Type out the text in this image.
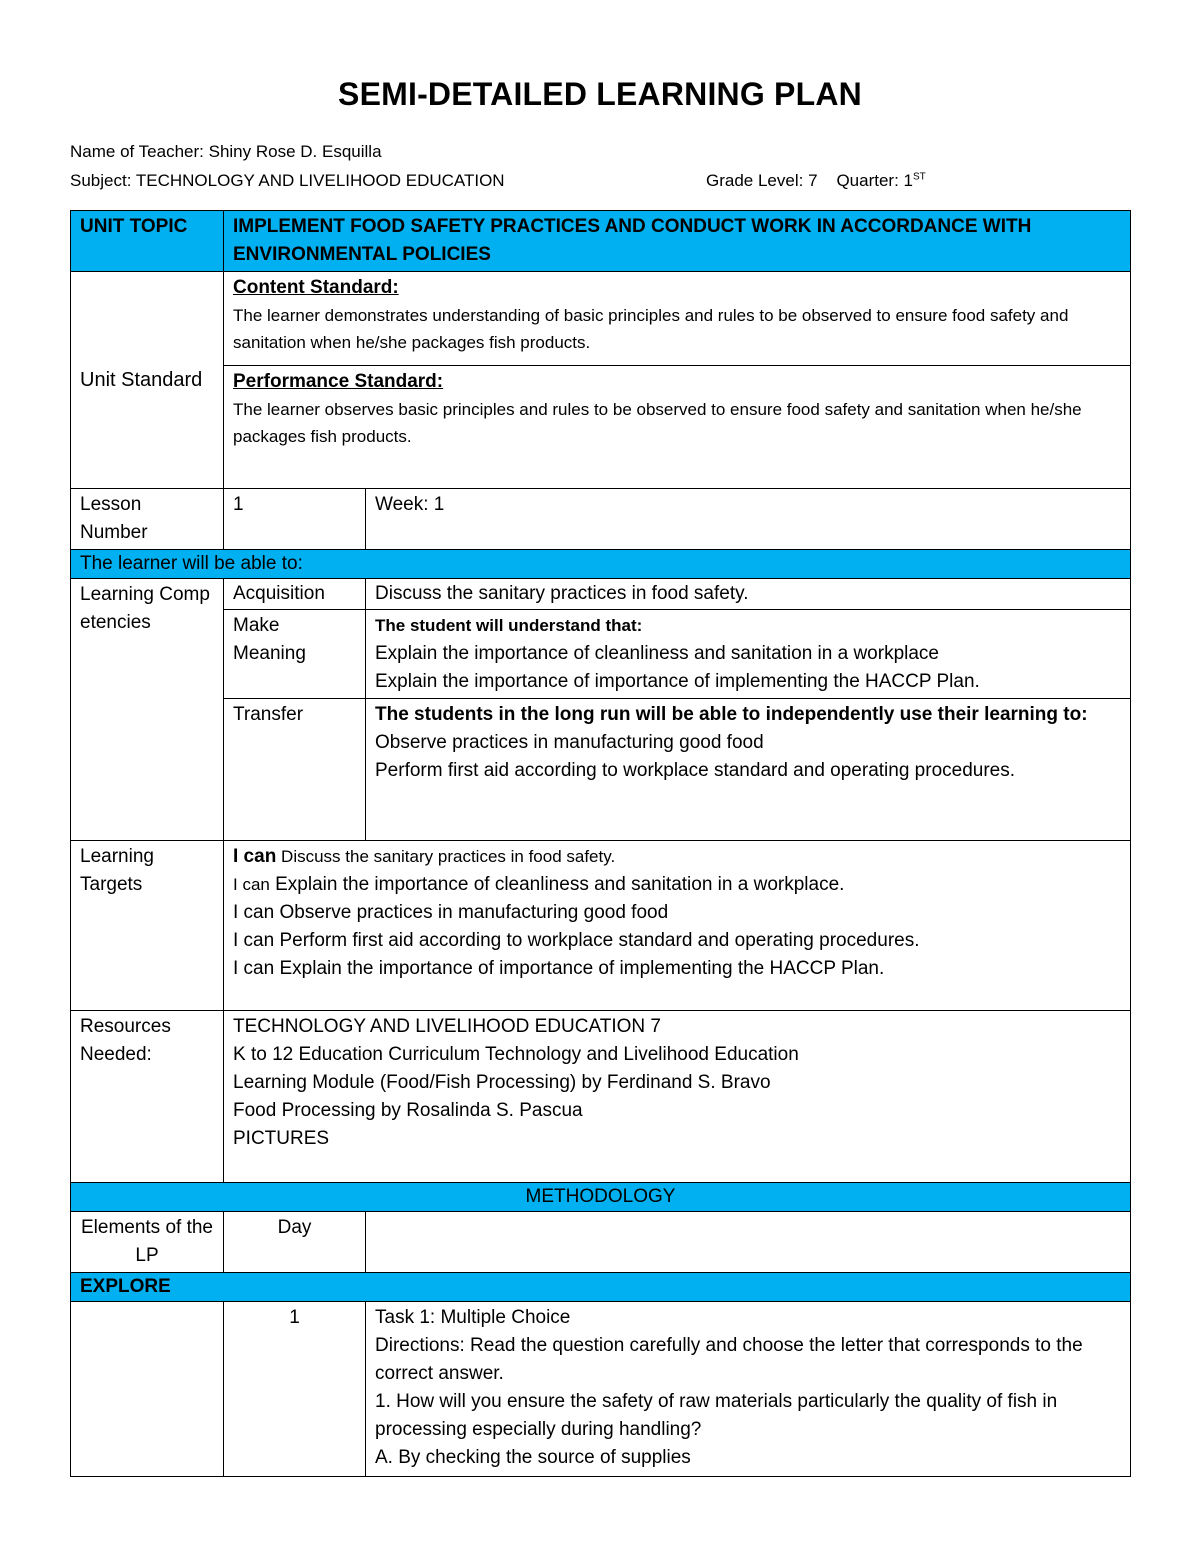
SEMI-DETAILED LEARNING PLAN
Name of Teacher: Shiny Rose D. Esquilla
Subject: TECHNOLOGY AND LIVELIHOOD EDUCATION	Grade Level: 7 Quarter: 1ST
UNIT TOPIC	IMPLEMENT FOOD SAFETY PRACTICES AND CONDUCT WORK IN ACCORDANCE WITH ENVIRONMENTAL POLICIES	
Unit Standard	Content Standard:
The learner demonstrates understanding of basic principles and rules to be observed to ensure food safety and sanitation when he/she packages fish products.	

	Performance Standard:
The learner observes basic principles and rules to be observed to ensure food safety and sanitation when he/she packages fish products.	

Lesson Number	1	Week: 1
The learner will be able to:		
Learning Competencies	Acquisition	Discuss the sanitary practices in food safety.
	Make Meaning	The student will understand that:
Explain the importance of cleanliness and sanitation in a workplace
Explain the importance of importance of implementing the HACCP Plan.

	Transfer	The students in the long run will be able to independently use their learning to:
Observe practices in manufacturing good food
Perform first aid according to workplace standard and operating procedures.

Learning Targets	I can Discuss the sanitary practices in food safety.
I can Explain the importance of cleanliness and sanitation in a workplace.
I can Observe practices in manufacturing good food
I can Perform first aid according to workplace standard and operating procedures.
I can Explain the importance of importance of implementing the HACCP Plan.	

Resources Needed:	TECHNOLOGY AND LIVELIHOOD EDUCATION 7
K to 12 Education Curriculum Technology and Livelihood Education
Learning Module (Food/Fish Processing) by Ferdinand S. Bravo
Food Processing by Rosalinda S. Pascua
PICTURES	

METHODOLOGY		
Elements of the LP	Day	
EXPLORE		
	1	Task 1: Multiple Choice
Directions: Read the question carefully and choose the letter that corresponds to the correct answer.
1. How will you ensure the safety of raw materials particularly the quality of fish in processing especially during handling?
A. By checking the source of supplies
